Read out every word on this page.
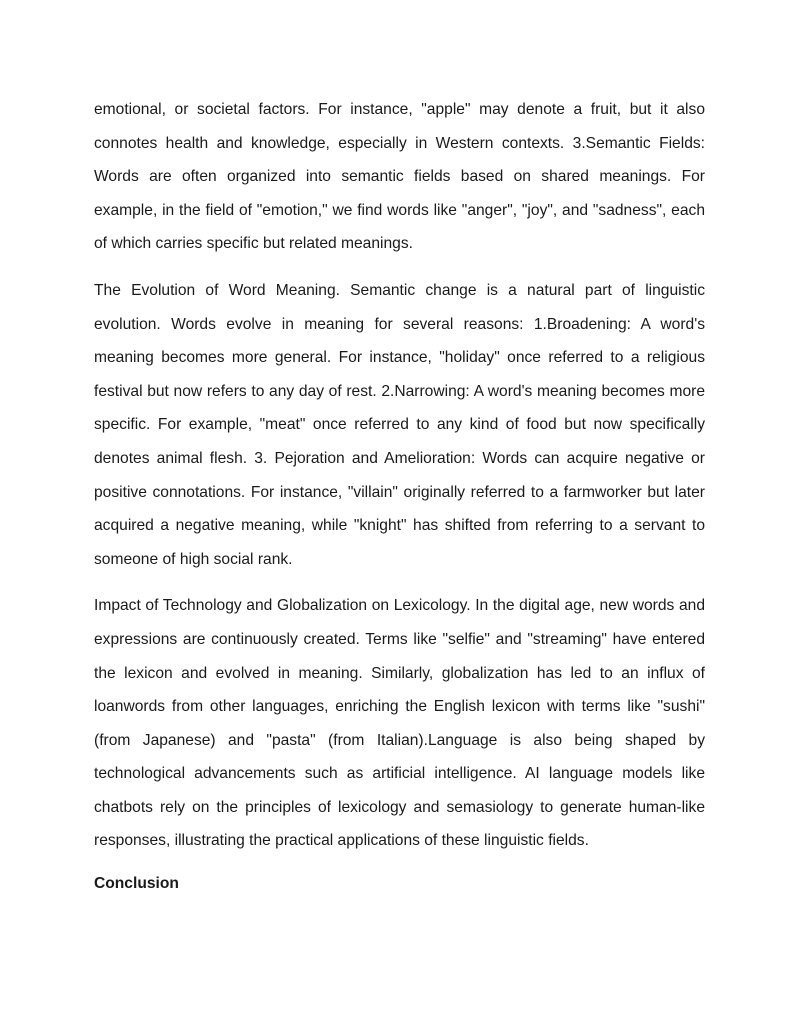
emotional, or societal factors. For instance, "apple" may denote a fruit, but it also connotes health and knowledge, especially in Western contexts. 3.Semantic Fields: Words are often organized into semantic fields based on shared meanings. For example, in the field of "emotion," we find words like "anger", "joy", and "sadness", each of which carries specific but related meanings.

The Evolution of Word Meaning. Semantic change is a natural part of linguistic evolution. Words evolve in meaning for several reasons: 1.Broadening: A word's meaning becomes more general. For instance, "holiday" once referred to a religious festival but now refers to any day of rest. 2.Narrowing: A word's meaning becomes more specific. For example, "meat" once referred to any kind of food but now specifically denotes animal flesh. 3. Pejoration and Amelioration: Words can acquire negative or positive connotations. For instance, "villain" originally referred to a farmworker but later acquired a negative meaning, while "knight" has shifted from referring to a servant to someone of high social rank.

Impact of Technology and Globalization on Lexicology. In the digital age, new words and expressions are continuously created. Terms like "selfie" and "streaming" have entered the lexicon and evolved in meaning. Similarly, globalization has led to an influx of loanwords from other languages, enriching the English lexicon with terms like "sushi" (from Japanese) and "pasta" (from Italian).Language is also being shaped by technological advancements such as artificial intelligence. AI language models like chatbots rely on the principles of lexicology and semasiology to generate human-like responses, illustrating the practical applications of these linguistic fields.

Conclusion
